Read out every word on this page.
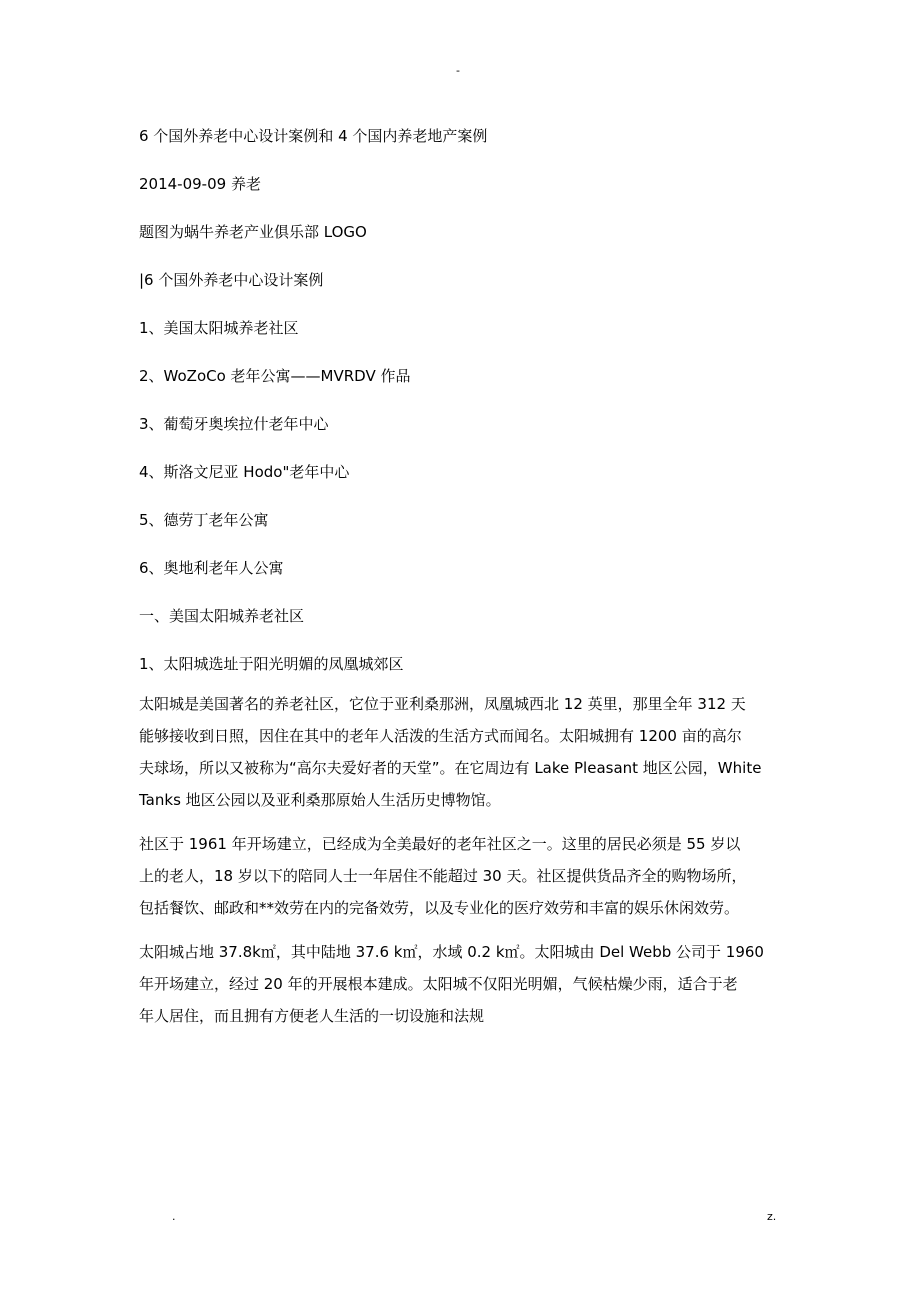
-
6 个国外养老中心设计案例和 4 个国内养老地产案例
2014-09-09 养老
题图为蜗牛养老产业俱乐部 LOGO
|6 个国外养老中心设计案例
1、美国太阳城养老社区
2、WoZoCo 老年公寓——MVRDV 作品
3、葡萄牙奥埃拉什老年中心
4、斯洛文尼亚 Hodo"老年中心
5、德劳丁老年公寓
6、奥地利老年人公寓
一、美国太阳城养老社区
1、太阳城选址于阳光明媚的凤凰城郊区
太阳城是美国著名的养老社区，它位于亚利桑那洲，凤凰城西北 12 英里，那里全年 312 天
能够接收到日照，因住在其中的老年人活泼的生活方式而闻名。太阳城拥有 1200 亩的高尔
夫球场，所以又被称为“高尔夫爱好者的天堂”。在它周边有 Lake Pleasant 地区公园，White
Tanks 地区公园以及亚利桑那原始人生活历史博物馆。
社区于 1961 年开场建立，已经成为全美最好的老年社区之一。这里的居民必须是 55 岁以
上的老人，18 岁以下的陪同人士一年居住不能超过 30 天。社区提供货品齐全的购物场所，
包括餐饮、邮政和**效劳在内的完备效劳，以及专业化的医疗效劳和丰富的娱乐休闲效劳。
太阳城占地 37.8k㎡，其中陆地 37.6 k㎡，水域 0.2 k㎡。太阳城由 Del Webb 公司于 1960
年开场建立，经过 20 年的开展根本建成。太阳城不仅阳光明媚，气候枯燥少雨，适合于老
年人居住，而且拥有方便老人生活的一切设施和法规
.	z.
